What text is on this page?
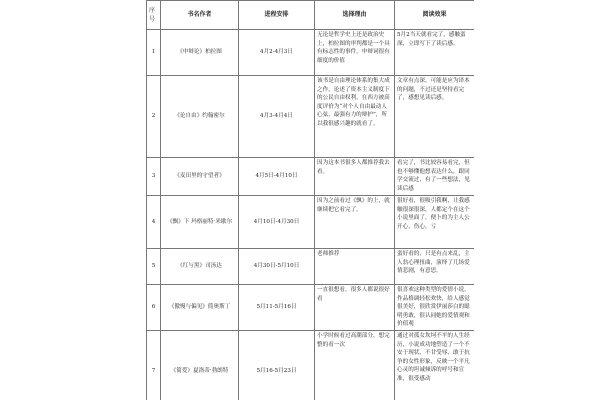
序号	书名作者	进程安排	选择理由	阅读效果
1	《申辩论》柏拉图	4月2-4月3日	无论是哲学史上还是政治史上，柏拉图的审判都是一个具有标志性的事件，申辩词很有细度的价值	5月2当天就看完了，感触蛮深，立即写下了读后感。
2	《论自由》约翰密尔	4月3-4月4日	该书是自由理论体系的集大成之作，论述了资本主义制度下的公民自由权利，在西方被高度评价为“对个人自由最动人心弦，最强有力的辩护”，所以我很感兴趣的就看了。	文章有点深，可能是应为译本的问题，不过还是坚持看完了，感想见读后感。
3	《麦田里的守望者》	4月5日-4月10日	因为这本书很多人都推荐我去看。	看完了，书比较容易看完，但也不够懂他想表达什么，跟同学交流过，有了一些想法，见读后感
4	《飘》下 玛格丽特·米歇尔	4月10日-4月30日	因为之前看过《飘》的上，就继续把它看完了。	很好看，很吸引我啊，让我感触很深很深，人都定个在这个小说里面了，便卜的为主人公开心，伤心，亏
5	《红与黑》司汤达	4月30日-5月10日	老师推荐	蛮好看的，只是有点来乱，主人翁心理扭曲，演绎了几场爱情悲剧，有意思。
6	《傲慢与偏见》简奥斯丁	5月11-5月16日	一直很想看，很多人都说很好看	很喜欢这种类型的爱情小说，作品格调轻松欢快，给人感觉很美好，很欣赏伊丽莎白的聪明勇敢，很认同她的爱情观和价值观
7	《简爱》夏洛蒂·勃朗特	5月16-5月23日	小学时候看过高潮部分，想完整的看一次	通过对孤女坎坷不平的人生经历，小说成功地塑造了一个不安于现状、不甘受辱、敢于抗争的女性形象，反映一个平凡心灵的坦诚倾诉的呼号和宣准，很受感动
